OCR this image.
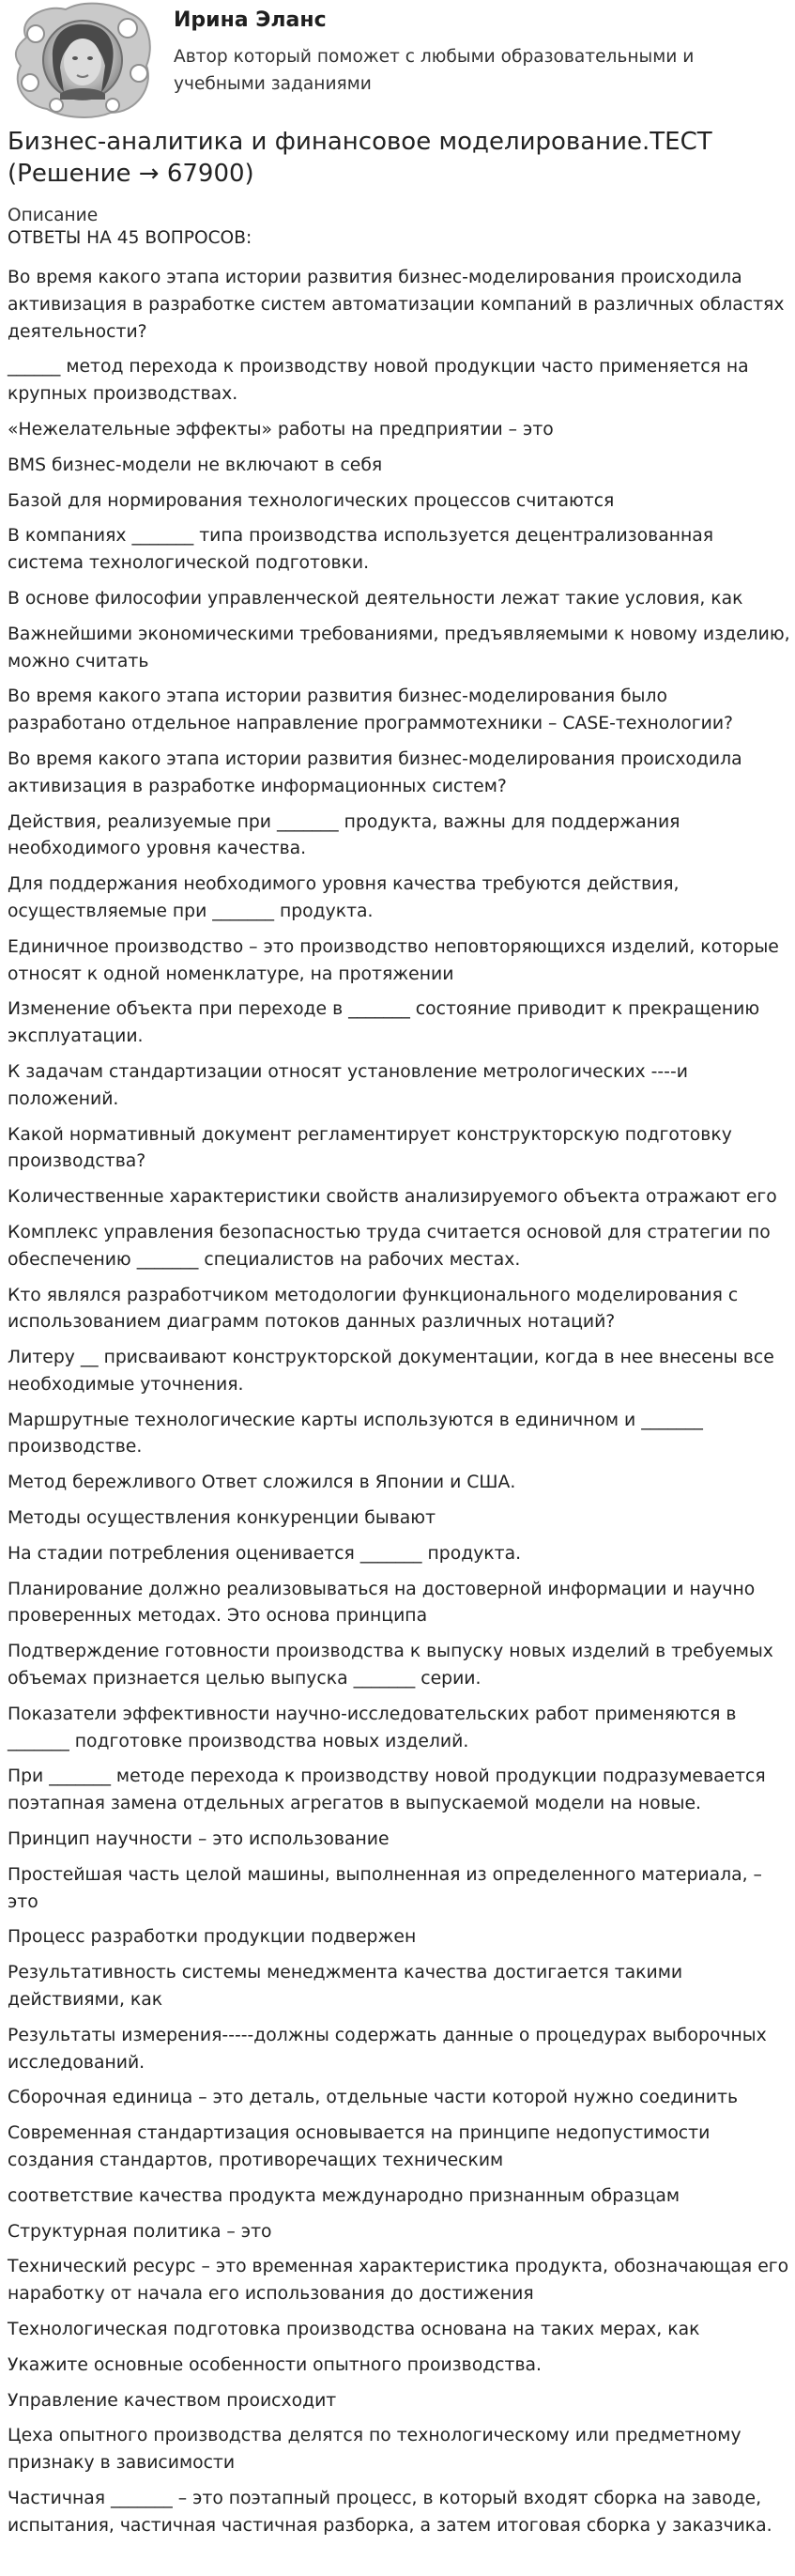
Ирина Эланс
Автор который поможет с любыми образовательными и учебными заданиями
Бизнес-аналитика и финансовое моделирование.ТЕСТ (Решение → 67900)
Описание
ОТВЕТЫ НА 45 ВОПРОСОВ:

Во время какого этапа истории развития бизнес-моделирования происходила активизация в разработке систем автоматизации компаний в различных областях деятельности?

______ метод перехода к производству новой продукции часто применяется на крупных производствах.

«Нежелательные эффекты» работы на предприятии – это

BMS бизнес-модели не включают в себя

Базой для нормирования технологических процессов считаются

В компаниях _______ типа производства используется децентрализованная система технологической подготовки.

В основе философии управленческой деятельности лежат такие условия, как

Важнейшими экономическими требованиями, предъявляемыми к новому изделию, можно считать

Во время какого этапа истории развития бизнес-моделирования было разработано отдельное направление программотехники – CASE-технологии?

Во время какого этапа истории развития бизнес-моделирования происходила активизация в разработке информационных систем?

Действия, реализуемые при _______ продукта, важны для поддержания необходимого уровня качества.

Для поддержания необходимого уровня качества требуются действия, осуществляемые при _______ продукта.

Единичное производство – это производство неповторяющихся изделий, которые относят к одной номенклатуре, на протяжении

Изменение объекта при переходе в _______ состояние приводит к прекращению эксплуатации.

К задачам стандартизации относят установление метрологических ----и положений.

Какой нормативный документ регламентирует конструкторскую подготовку производства?

Количественные характеристики свойств анализируемого объекта отражают его

Комплекс управления безопасностью труда считается основой для стратегии по обеспечению _______ специалистов на рабочих местах.

Кто являлся разработчиком методологии функционального моделирования с использованием диаграмм потоков данных различных нотаций?

Литеру __ присваивают конструкторской документации, когда в нее внесены все необходимые уточнения.

Маршрутные технологические карты используются в единичном и _______ производстве.

Метод бережливого Ответ сложился в Японии и США.

Методы осуществления конкуренции бывают

На стадии потребления оценивается _______ продукта.

Планирование должно реализовываться на достоверной информации и научно проверенных методах. Это основа принципа

Подтверждение готовности производства к выпуску новых изделий в требуемых объемах признается целью выпуска _______ серии.

Показатели эффективности научно-исследовательских работ применяются в _______ подготовке производства новых изделий.

При _______ методе перехода к производству новой продукции подразумевается поэтапная замена отдельных агрегатов в выпускаемой модели на новые.

Принцип научности – это использование

Простейшая часть целой машины, выполненная из определенного материала, – это

Процесс разработки продукции подвержен

Результативность системы менеджмента качества достигается такими действиями, как

Результаты измерения-----должны содержать данные о процедурах выборочных исследований.

Сборочная единица – это деталь, отдельные части которой нужно соединить

Современная стандартизация основывается на принципе недопустимости создания стандартов, противоречащих техническим

соответствие качества продукта международно признанным образцам

Структурная политика – это

Технический ресурс – это временная характеристика продукта, обозначающая его наработку от начала его использования до достижения

Технологическая подготовка производства основана на таких мерах, как

Укажите основные особенности опытного производства.

Управление качеством происходит

Цеха опытного производства делятся по технологическому или предметному признаку в зависимости

Частичная _______ – это поэтапный процесс, в который входят сборка на заводе, испытания, частичная частичная разборка, а затем итоговая сборка у заказчика.
